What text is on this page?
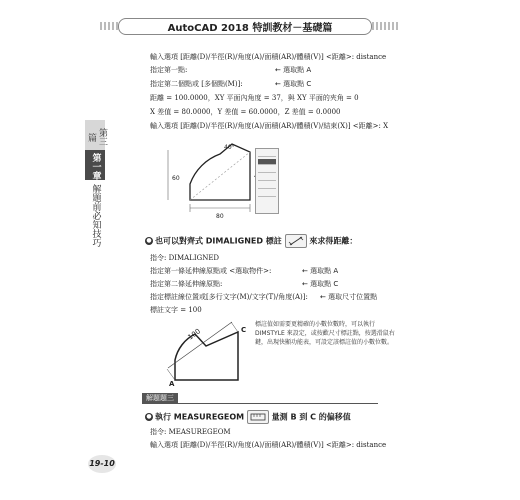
AutoCAD 2018 特訓教材－基礎篇
第三篇
第一章
解題前必知技巧
輸入選項 [距離(D)/半徑(R)/角度(A)/面積(AR)/體積(V)] <距離>: distance
指定第一點:	← 選取點 A
指定第二個點或 [多個點(M)]:	← 選取點 C
距離 = 100.0000，XY 平面內角度 = 37，與 XY 平面的夾角 = 0
X 差值 = 80.0000，Y 差值 = 60.0000，Z 差值 = 0.0000
輸入選項 [距離(D)/半徑(R)/角度(A)/面積(AR)/體積(V)/結束(X)] <距離>: X
40°
60
80
● 也可以對齊式 DIMALIGNED 標註	來求得距離：
指令: DIMALIGNED
指定第一條延伸線原點或 <選取物件>:	← 選取點 A
指定第二條延伸線原點:	← 選取點 C
指定標註線位置或[多行文字(M)/文字(T)/角度(A)]: ← 選取尺寸位置點
標註文字 = 100
100
A
C
標註值如需要更精確的小數位數時，可以執行 DIMSTYLE 來設定，或按歡尺寸標註點，按選滑鼠右鍵，出現快顯功能表，可設定該標註值的小數位數。
解題題三
● 執行 MEASUREGEOM	量測 B 到 C 的偏移值
指令: MEASUREGEOM
輸入選項 [距離(D)/半徑(R)/角度(A)/面積(AR)/體積(V)] <距離>: distance
19-10
